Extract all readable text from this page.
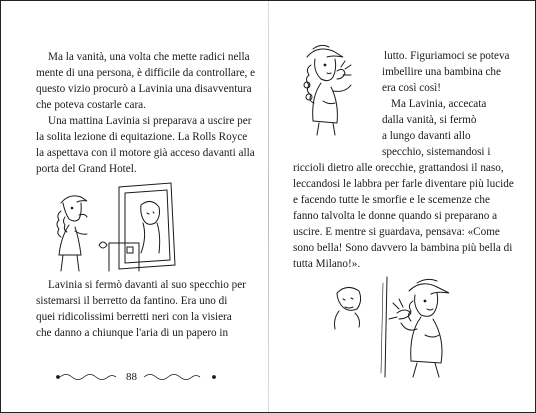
Ma la vanità, una volta che mette radici nella
mente di una persona, è difficile da controllare, e
questo vizio procurò a Lavinia una disavventura
che poteva costarle cara.
Una mattina Lavinia si preparava a uscire per
la solita lezione di equitazione. La Rolls Royce
la aspettava con il motore già acceso davanti alla
porta del Grand Hotel.
Lavinia si fermò davanti al suo specchio per
sistemarsi il berretto da fantino. Era uno di
quei ridicolissimi berretti neri con la visiera
che danno a chiunque l'aria di un papero in
88
lutto. Figuriamoci se poteva
imbellire una bambina che
era così così!
Ma Lavinia, accecata
dalla vanità, si fermò
a lungo davanti allo
specchio, sistemandosi i
riccioli dietro alle orecchie, grattandosi il naso,
leccandosi le labbra per farle diventare più lucide
e facendo tutte le smorfie e le scemenze che
fanno talvolta le donne quando si preparano a
uscire. E mentre si guardava, pensava: «Come
sono bella! Sono davvero la bambina più bella di
tutta Milano!».
